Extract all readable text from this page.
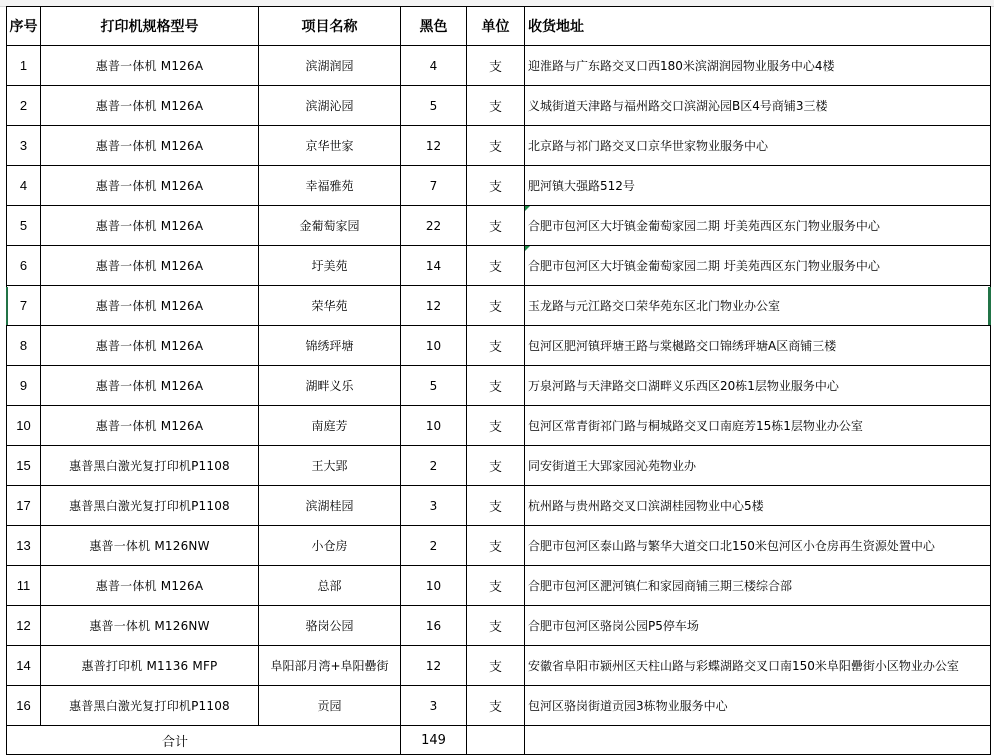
序号	打印机规格型号	项目名称	黑色	单位	收货地址
1	惠普一体机 M126A	滨湖润园	4	支	迎淮路与广东路交叉口西180米滨湖润园物业服务中心4楼
2	惠普一体机 M126A	滨湖沁园	5	支	义城街道天津路与福州路交口滨湖沁园B区4号商铺3三楼
3	惠普一体机 M126A	京华世家	12	支	北京路与祁门路交叉口京华世家物业服务中心
4	惠普一体机 M126A	幸福雅苑	7	支	肥河镇大强路512号
5	惠普一体机 M126A	金葡萄家园	22	支	合肥市包河区大圩镇金葡萄家园二期 圩美苑西区东门物业服务中心

6	惠普一体机 M126A	圩美苑	14	支	合肥市包河区大圩镇金葡萄家园二期 圩美苑西区东门物业服务中心

7	惠普一体机 M126A	荣华苑	12	支	玉龙路与元江路交口荣华苑东区北门物业办公室
8	惠普一体机 M126A	锦绣玶塘	10	支	包河区肥河镇玶塘王路与棠樾路交口锦绣玶塘A区商铺三楼
9	惠普一体机 M126A	湖畔义乐	5	支	万泉河路与天津路交口湖畔义乐西区20栋1层物业服务中心
10	惠普一体机 M126A	南庭芳	10	支	包河区常青街祁门路与桐城路交叉口南庭芳15栋1层物业办公室
15	惠普黑白激光复打印机P1108	王大郢	2	支	同安街道王大郢家园沁苑物业办
17	惠普黑白激光复打印机P1108	滨湖桂园	3	支	杭州路与贵州路交叉口滨湖桂园物业中心5楼
13	惠普一体机 M126NW	小仓房	2	支	合肥市包河区泰山路与繁华大道交口北150米包河区小仓房再生资源处置中心
11	惠普一体机 M126A	总部	10	支	合肥市包河区淝河镇仁和家园商铺三期三楼综合部
12	惠普一体机 M126NW	骆岗公园	16	支	合肥市包河区骆岗公园P5停车场
14	惠普打印机 M1136 MFP	阜阳部月湾+阜阳罍街	12	支	安徽省阜阳市颍州区天柱山路与彩蝶湖路交叉口南150米阜阳罍街小区物业办公室
16	惠普黑白激光复打印机P1108	贡园	3	支	包河区骆岗街道贡园3栋物业服务中心
合计			149		
